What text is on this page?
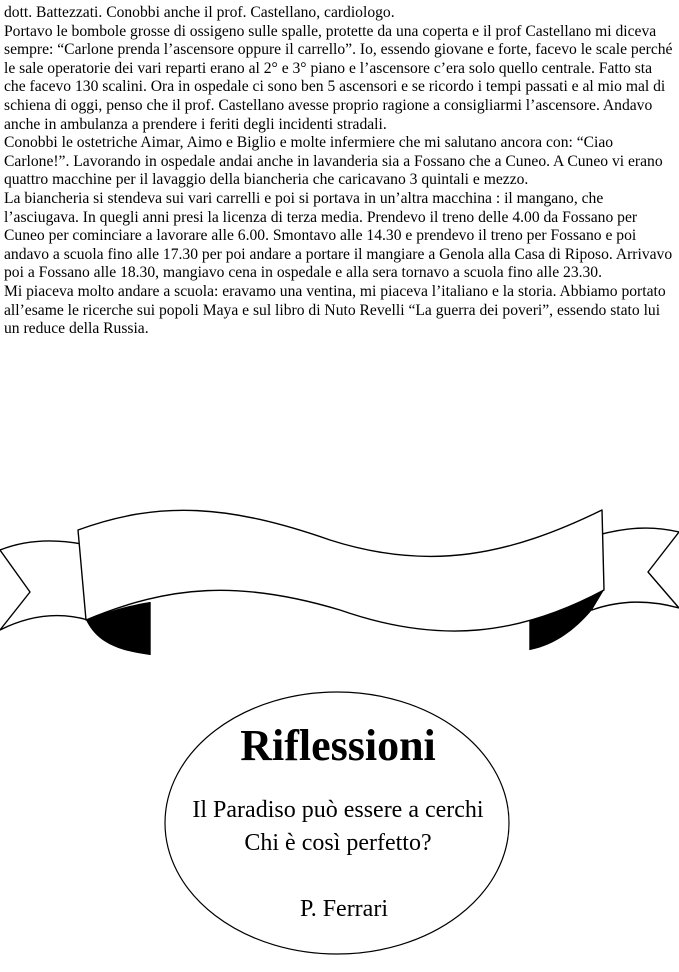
dott. Battezzati. Conobbi anche il prof. Castellano, cardiologo.

Portavo le bombole grosse di ossigeno sulle spalle, protette da una coperta e il prof Castellano mi diceva sempre: “Carlone prenda l’ascensore oppure il carrello”. Io, essendo giovane e forte, facevo le scale perché le sale operatorie dei vari reparti erano al 2° e 3° piano e l’ascensore c’era solo quello centrale. Fatto sta che facevo 130 scalini. Ora in ospedale ci sono ben 5 ascensori e se ricordo i tempi passati e al mio mal di schiena di oggi, penso che il prof. Castellano avesse proprio ragione a consigliarmi l’ascensore. Andavo anche in ambulanza a prendere i feriti degli incidenti stradali.

Conobbi le ostetriche Aimar, Aimo e Biglio e molte infermiere che mi salutano ancora con: “Ciao Carlone!”. Lavorando in ospedale andai anche in lavanderia sia a Fossano che a Cuneo. A Cuneo vi erano quattro macchine per il lavaggio della biancheria che caricavano 3 quintali e mezzo.

La biancheria si stendeva sui vari carrelli e poi si portava in un’altra macchina : il mangano, che l’asciugava. In quegli anni presi la licenza di terza media. Prendevo il treno delle 4.00 da Fossano per Cuneo per cominciare a lavorare alle 6.00. Smontavo alle 14.30 e prendevo il treno per Fossano e poi andavo a scuola fino alle 17.30 per poi andare a portare il mangiare a Genola alla Casa di Riposo. Arrivavo poi a Fossano alle 18.30, mangiavo cena in ospedale e alla sera tornavo a scuola fino alle 23.30.

Mi piaceva molto andare a scuola: eravamo una ventina, mi piaceva l’italiano e la storia. Abbiamo portato all’esame le ricerche sui popoli Maya e sul libro di Nuto Revelli “La guerra dei poveri”, essendo stato lui un reduce della Russia.

Riflessioni
Il Paradiso può essere a cerchi
Chi è così perfetto?
P. Ferrari
